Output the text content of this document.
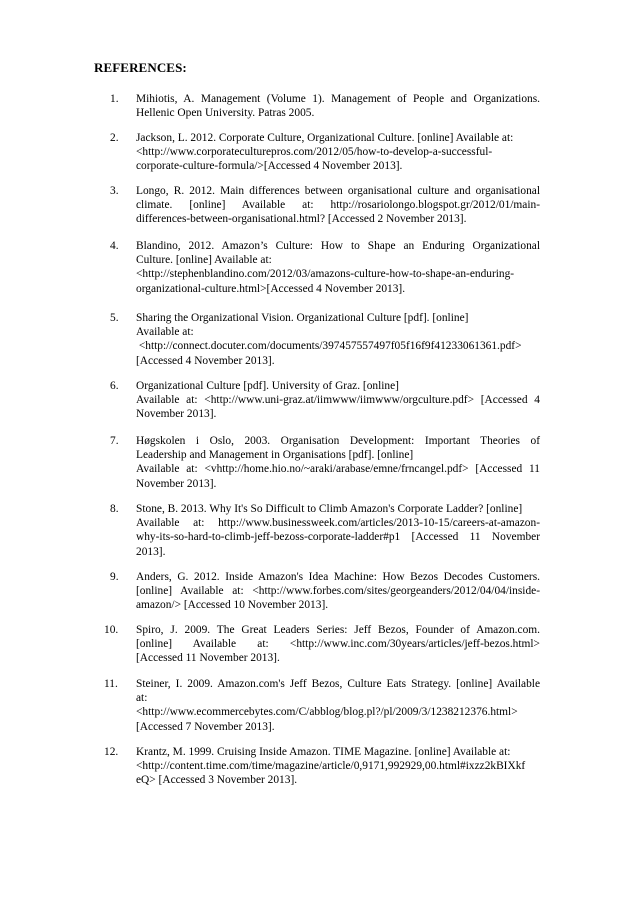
REFERENCES:
1.	Mihiotis, A. Management (Volume 1). Management of People and Organizations.
Hellenic Open University. Patras 2005.
2.	Jackson, L. 2012. Corporate Culture, Organizational Culture. [online] Available at:
<http://www.corporateculturepros.com/2012/05/how-to-develop-a-successful-
corporate-culture-formula/>[Accessed 4 November 2013].
3.	Longo, R. 2012. Main differences between organisational culture and organisational
climate. [online] Available at: http://rosariolongo.blogspot.gr/2012/01/main-
differences-between-organisational.html? [Accessed 2 November 2013].
4.	Blandino, 2012. Amazon’s Culture: How to Shape an Enduring Organizational
Culture. [online] Available at:
<http://stephenblandino.com/2012/03/amazons-culture-how-to-shape-an-enduring-
organizational-culture.html>[Accessed 4 November 2013].
5.	Sharing the Organizational Vision. Organizational Culture [pdf]. [online]
Available at:
<http://connect.docuter.com/documents/397457557497f05f16f9f41233061361.pdf>
[Accessed 4 November 2013].
6.	Organizational Culture [pdf]. University of Graz. [online]
Available at: <http://www.uni-graz.at/iimwww/iimwww/orgculture.pdf> [Accessed 4
November 2013].
7.	Høgskolen i Oslo, 2003. Organisation Development: Important Theories of
Leadership and Management in Organisations [pdf]. [online]
Available at: <vhttp://home.hio.no/~araki/arabase/emne/frncangel.pdf> [Accessed 11
November 2013].
8.	Stone, B. 2013. Why It's So Difficult to Climb Amazon's Corporate Ladder? [online]
Available at: http://www.businessweek.com/articles/2013-10-15/careers-at-amazon-
why-its-so-hard-to-climb-jeff-bezoss-corporate-ladder#p1 [Accessed 11 November
2013].
9.	Anders, G. 2012. Inside Amazon's Idea Machine: How Bezos Decodes Customers.
[online] Available at: <http://www.forbes.com/sites/georgeanders/2012/04/04/inside-
amazon/> [Accessed 10 November 2013].
10.	Spiro, J. 2009. The Great Leaders Series: Jeff Bezos, Founder of Amazon.com.
[online] Available at: <http://www.inc.com/30years/articles/jeff-bezos.html>
[Accessed 11 November 2013].
11.	Steiner, I. 2009. Amazon.com's Jeff Bezos, Culture Eats Strategy. [online] Available
at:
<http://www.ecommercebytes.com/C/abblog/blog.pl?/pl/2009/3/1238212376.html>
[Accessed 7 November 2013].
12.	Krantz, M. 1999. Cruising Inside Amazon. TIME Magazine. [online] Available at:
<http://content.time.com/time/magazine/article/0,9171,992929,00.html#ixzz2kBIXkf
eQ> [Accessed 3 November 2013].
